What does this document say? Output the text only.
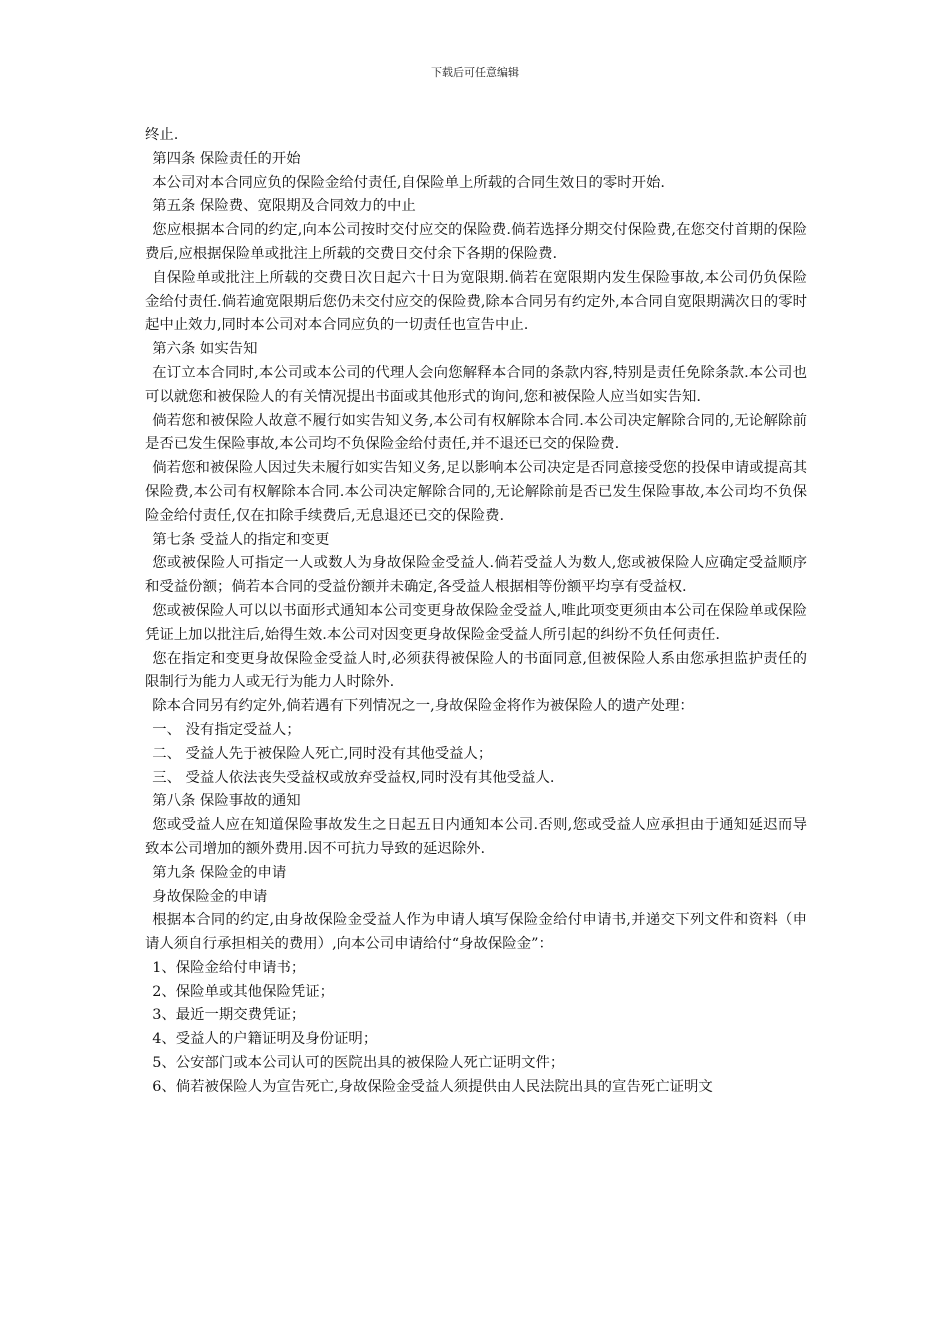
下载后可任意编辑

终止.

第四条 保险责任的开始

本公司对本合同应负的保险金给付责任,自保险单上所载的合同生效日的零时开始.

第五条 保险费、宽限期及合同效力的中止

您应根据本合同的约定,向本公司按时交付应交的保险费.倘若选择分期交付保险费,在您交付首期的保险费后,应根据保险单或批注上所载的交费日交付余下各期的保险费.

自保险单或批注上所载的交费日次日起六十日为宽限期.倘若在宽限期内发生保险事故,本公司仍负保险金给付责任.倘若逾宽限期后您仍未交付应交的保险费,除本合同另有约定外,本合同自宽限期满次日的零时起中止效力,同时本公司对本合同应负的一切责任也宣告中止.

第六条 如实告知

在订立本合同时,本公司或本公司的代理人会向您解释本合同的条款内容,特别是责任免除条款.本公司也可以就您和被保险人的有关情况提出书面或其他形式的询问,您和被保险人应当如实告知.

倘若您和被保险人故意不履行如实告知义务,本公司有权解除本合同.本公司决定解除合同的,无论解除前是否已发生保险事故,本公司均不负保险金给付责任,并不退还已交的保险费.

倘若您和被保险人因过失未履行如实告知义务,足以影响本公司决定是否同意接受您的投保申请或提高其保险费,本公司有权解除本合同.本公司决定解除合同的,无论解除前是否已发生保险事故,本公司均不负保险金给付责任,仅在扣除手续费后,无息退还已交的保险费.

第七条 受益人的指定和变更

您或被保险人可指定一人或数人为身故保险金受益人.倘若受益人为数人,您或被保险人应确定受益顺序和受益份额；倘若本合同的受益份额并未确定,各受益人根据相等份额平均享有受益权.

您或被保险人可以以书面形式通知本公司变更身故保险金受益人,唯此项变更须由本公司在保险单或保险凭证上加以批注后,始得生效.本公司对因变更身故保险金受益人所引起的纠纷不负任何责任.

您在指定和变更身故保险金受益人时,必须获得被保险人的书面同意,但被保险人系由您承担监护责任的限制行为能力人或无行为能力人时除外.

除本合同另有约定外,倘若遇有下列情况之一,身故保险金将作为被保险人的遗产处理：

一、 没有指定受益人；

二、 受益人先于被保险人死亡,同时没有其他受益人；

三、 受益人依法丧失受益权或放弃受益权,同时没有其他受益人.

第八条 保险事故的通知

您或受益人应在知道保险事故发生之日起五日内通知本公司.否则,您或受益人应承担由于通知延迟而导致本公司增加的额外费用.因不可抗力导致的延迟除外.

第九条 保险金的申请

身故保险金的申请

根据本合同的约定,由身故保险金受益人作为申请人填写保险金给付申请书,并递交下列文件和资料（申请人须自行承担相关的费用）,向本公司申请给付“身故保险金”：

1、保险金给付申请书；

2、保险单或其他保险凭证；

3、最近一期交费凭证；

4、受益人的户籍证明及身份证明；

5、公安部门或本公司认可的医院出具的被保险人死亡证明文件；

6、倘若被保险人为宣告死亡,身故保险金受益人须提供由人民法院出具的宣告死亡证明文
